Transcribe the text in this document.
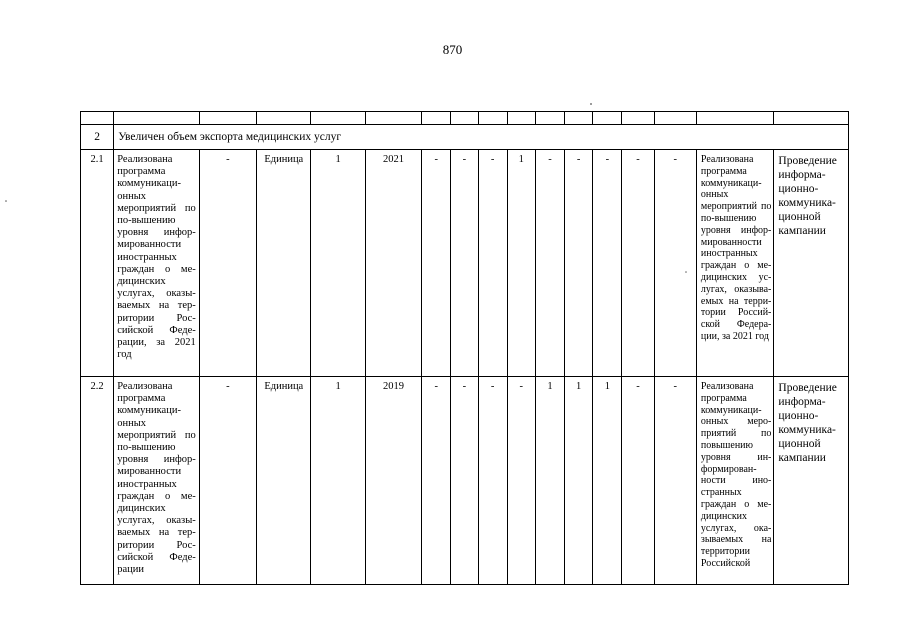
870

2	Увеличен объем экспорта медицинских услуг															
2.1	Реализована программа коммуникаци-онных мероприятий по по-вышению уровня инфор-мированности иностранных граждан о ме-дицинских услугах, оказы-ваемых на тер-ритории Рос-сийской Феде-рации, за 2021 год	-	Единица	1	2021	-	-	-	1	-	-	-	-	-	Реализована программа коммуникаци-онных мероприятий по по-вышению уровня инфор-мированности иностранных граждан о ме-дицинских ус-лугах, оказыва-емых на терри-тории Россий-ской Федера-ции, за 2021 год	Проведение информа-ционно-коммуника-ционной кампании

2.2	Реализована программа коммуникаци-онных мероприятий по по-вышению уровня инфор-мированности иностранных граждан о ме-дицинских услугах, оказы-ваемых на тер-ритории Рос-сийской Феде-рации	-	Единица	1	2019	-	-	-	-	1	1	1	-	-	Реализована программа коммуникаци-онных меро-приятий по повышению уровня ин-формирован-ности ино-странных граждан о ме-дицинских услугах, ока-зываемых на территории Российской	Проведение информа-ционно-коммуника-ционной кампании
